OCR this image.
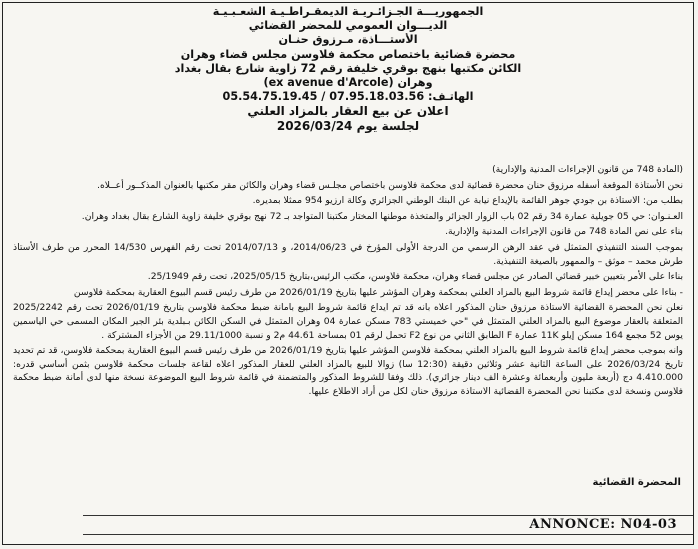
الجمهوريـــة الجـزائـريـة الديمقـراطـيـة الشعـبـيـة
الديـــوان العمومي للمحضر القضائي
الأستـــاذة، مـرزوق حنـان
محضرة قضائية باختصاص محكمة فلاوسن مجلس قضاء وهران
الكائن مكتبها بنهج بوقري خليفة رقم 72 زاوية شارع بقال بغداد
(ex avenue d'Arcole) وهران
الهاتـف: 07.95.18.03.56 / 05.54.75.19.45
اعلان عن بيع العقار بالمزاد العلني
لجلسة يوم 2026/03/24

(المادة 748 من قانون الإجراءات المدنية والإدارية)

نحن الأستاذة الموقعة أسفله مرزوق حنان محضرة قضائية لدى محكمة فلاوسن باختصاص مجلـس قضاء وهران والكائن مقر مكتبها بالعنوان المذكــور أعــلاه.

بطلب من: الاستاذة بن جودي جوهر القائمة بالإيداع نيابة عن البنك الوطني الجزائري وكالة ارزيو 954 ممثلا بمديره.

العـنـوان: حي 05 جويلية عمارة 34 رقم 02 باب الزوار الجزائر والمتخذة موطنها المختار مكتبنا المتواجد بـ 72 نهج بوقري خليفة زاوية الشارع بقال بغداد وهران.

بناء على نص المادة 748 من قانون الإجراءات المدنية والإدارية.

بموجب السند التنفيذي المتمثل في عقد الرهن الرسمي من الدرجة الأولى المؤرخ في 2014/06/23، و 2014/07/13 تحت رقم الفهرس 14/530 المحرر من طرف الأستاذ طرش محمد – موثق – والممهور بالصيغة التنفيذية.

بناءا على الأمر بتعيين خبير قضائي الصادر عن مجلس قضاء وهران، محكمة فلاوسن، مكتب الرئيس،بتاريخ 2025/05/15، تحت رقم 25/1949.

- بناءا على محضر إيداع قائمة شروط البيع بالمزاد العلني بمحكمة وهران المؤشر عليها بتاريخ 2026/01/19 من طرف رئيس قسم البيوع العقارية بمحكمة فلاوسن

نعلن نحن المحضرة القضائية الاستاذة مرزوق حنان المذكور اعلاه بانه قد تم ايداع قائمة شروط البيع بامانة ضبط محكمة فلاوسن بتاريخ 2026/01/19 تحت رقم 2025/2242 المتعلقة بالعقار موضوع البيع بالمزاد العلني المتمثل في "حي خميستي 783 مسكن عمارة 04 وهران المتمثل في السكن الكائن بـبلدية بئر الجير المكان المسمى حي الياسمين يوس 52 مجمع 164 مسكن إيلو 11K عمارة F الطابق الثاني من نوع F2 تحمل لرقم 01 بمساحة 44.61 م2 و نسبة 29.11/1000 من الأجزاء المشتركة .

وانه بموجب محضر إيداع قائمة شروط البيع بالمزاد العلني بمحكمة فلاوسن المؤشر عليها بتاريخ 2026/01/19 من طرف رئيس قسم البيوع العقارية بمحكمة فلاوسن، قد تم تحديد تاريخ 2026/03/24 على الساعة الثانية عشر وثلاثين دقيقة (12:30 سا) زوالا للبيع بالمزاد العلني للعقار المذكور اعلاه لقاعة جلسات محكمة فلاوسن بثمن أساسي قدره: 4.410.000 دج (أربعة مليون وأربعمائة وعشرة الف دينار جزائري). ذلك وفقا للشروط المذكور والمتضمنة في قائمة شروط البيع الموضوعة نسخة منها لدى أمانة ضبط محكمة فلاوسن ونسخة لدى مكتبنا نحن المحضرة القضائية الاستاذة مرزوق حنان لكل من أراد الاطلاع عليها.

المحضرة القضائية
ANNONCE: N04-03
